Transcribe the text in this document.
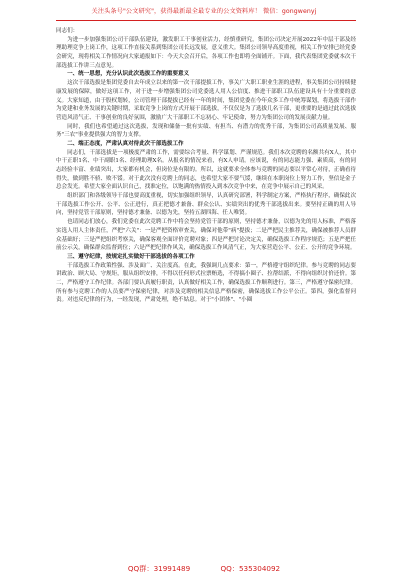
关注头条号"公文研究"，获得最新最全最专业的公文资料库！ 微信：gongwenyj

同志们：

为进一步加强集团公司干部队伍建设，激发职工干事创业活力，经慎重研究，集团公司决定开展2022年中层干部及经理助理竞争上岗工作，这项工作直接关系到集团公司长远发展，意义重大。集团公司领导高度重视，相关工作安排已经党委会研究，现将相关工作情况向大家通报如下：今天大会召开后，各项工作也即将全面铺开。下面，我代表集团党委就本次干部选拔工作讲三点意见。

一、统一思想，充分认识此次选拔工作的重要意义

这次干部选拔是集团党委自去年成立以来的第一次干部提拔工作，事关广大职工职业生涯的进程，事关集团公司持续健康发展的保障，做好这项工作，对于进一步增强集团公司党委选人用人公信度、推进干部职工队伍建设具有十分重要的意义。大家知道，由于股权划转，公司管理干部提拔已经有一年的时间，集团党委在今年众多工作中统筹谋划，将选拔干部作为党建和业务发展的关键时期，采取竞争上岗的方式开展干部选拔，不仅仅是为了选拔几名干部，更重要的是通过此次选拔营造风清气正、干事创业的良好氛围，激励广大干部职工不忘初心、牢记使命，努力为集团公司的发展贡献力量。

同时，我们也希望通过这次选拔，发现和储备一批有实绩、有担当、有潜力的优秀干部，为集团公司高质量发展、服务"三农"事业提供强大的智力支撑。

二、端正态度，严肃认真对待此次干部选拔工作

同志们，干部选拔是一项极度严肃的工作，需要综合考量、科学谋划、严谨规范。我们本次竞聘的名额共有X人，其中中干正职1名、中干副职1名、经理助理X名。从报名的情况来看，有X人申请。应该说，有的同志能力强、素质高，有的同志经验丰富、业绩突出，大家都有机会，但岗位是有限的。所以，这就要求全体参与竞聘的同志要以平常心对待，正确看待得失，做到胜不骄、败不馁。对于此次没有竞聘上的同志，也希望大家不要气馁，继续在本职岗位上努力工作，坚信是金子总会发光。希望大家全面认识自己，找准定位，以饱满的热情投入到本次竞争中来，在竞争中展示自己的风采。

组织部门和各级领导干部也要高度重视，切实加强组织领导，认真研究部署，科学制定方案，严格执行程序，确保此次干部选拔工作公开、公平、公正进行，真正把德才兼备、群众公认、实绩突出的优秀干部选拔出来。要坚持正确的用人导向，坚持党管干部原则，坚持德才兼备、以德为先，坚持五湖四海、任人唯贤。

也请同志们放心，我们党委在此次竞聘工作中将会坚持党管干部的原则，坚持德才兼备，以德为先的用人标准，严格落实选人用人主体责任，严把"六关"：一是严把资格审查关，确保对他带"病"提拔；二是严把民主推荐关，确保被推荐人员群众基础好；三是严把组织考察关，确保客观全面评价竞聘对象；四是严把讨论决定关，确保选拔工作程序规范；五是严把任前公示关，确保群众监督到位；六是严把纪律作风关，确保选拔工作风清气正，为大家营造公平、公正、公开的竞争环境。

三、遵守纪律，按规定扎实做好干部选拔的各项工作

干部选拔工作政策性强、涉及面广、关注度高。在此，我强调几点要求：第一，严格遵守组织纪律。参与竞聘的同志要讲政治、顾大局、守规矩，服从组织安排，不得以任何形式拉票贿选，不得搞小圈子、拉帮结派，不得向组织讨价还价。第二，严格遵守工作纪律。各部门要认真履行职责，认真做好相关工作，确保选拔工作顺利进行。第三，严格遵守保密纪律。所有参与竞聘工作的人员要严守保密纪律，对涉及竞聘的相关信息严格保密，确保选拔工作公平公正。第四，强化监督问责。对违反纪律的行为，一经发现，严肃处理，绝不姑息。对于"小团体"、"小圈

QQ群：31991489	QQ：535304092
